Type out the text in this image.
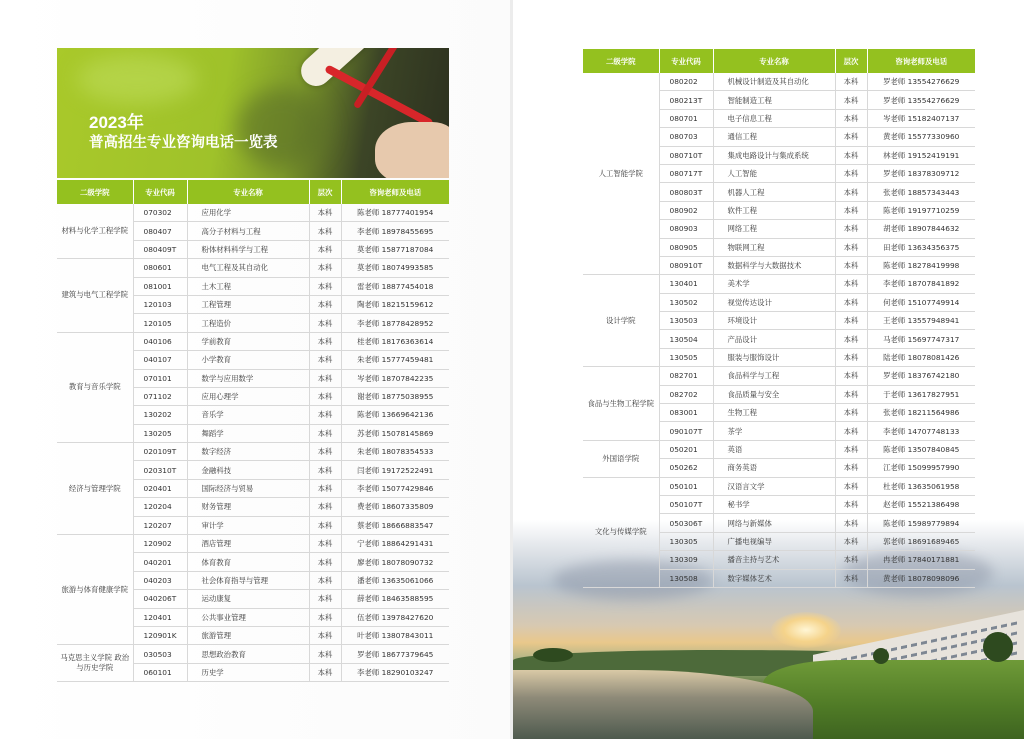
2023年
普高招生专业咨询电话一览表
二级学院	专业代码	专业名称	层次	咨询老师及电话
材料与化学工程学院	070302	应用化学	本科	陈老师 18777401954
	080407	高分子材料与工程	本科	李老师 18978455695
	080409T	粉体材料科学与工程	本科	莫老师 15877187084
建筑与电气工程学院	080601	电气工程及其自动化	本科	莫老师 18074993585
	081001	土木工程	本科	雷老师 18877454018
	120103	工程管理	本科	陶老师 18215159612
	120105	工程造价	本科	李老师 18778428952
教育与音乐学院	040106	学前教育	本科	桂老师 18176363614
	040107	小学教育	本科	朱老师 15777459481
	070101	数学与应用数学	本科	岑老师 18707842235
	071102	应用心理学	本科	谢老师 18775038955
	130202	音乐学	本科	陈老师 13669642136
	130205	舞蹈学	本科	苏老师 15078145869
经济与管理学院	020109T	数字经济	本科	朱老师 18078354533
	020310T	金融科技	本科	闫老师 19172522491
	020401	国际经济与贸易	本科	李老师 15077429846
	120204	财务管理	本科	费老师 18607335809
	120207	审计学	本科	蔡老师 18666883547
旅游与体育健康学院	120902	酒店管理	本科	宁老师 18864291431
	040201	体育教育	本科	廖老师 18078090732
	040203	社会体育指导与管理	本科	潘老师 13635061066
	040206T	运动康复	本科	薛老师 18463588595
	120401	公共事业管理	本科	伍老师 13978427620
	120901K	旅游管理	本科	叶老师 13807843011
马克思主义学院 政治与历史学院	030503	思想政治教育	本科	罗老师 18677379645
	060101	历史学	本科	李老师 18290103247
二级学院	专业代码	专业名称	层次	咨询老师及电话
人工智能学院	080202	机械设计制造及其自动化	本科	罗老师 13554276629
	080213T	智能制造工程	本科	罗老师 13554276629
	080701	电子信息工程	本科	岑老师 15182407137
	080703	通信工程	本科	黄老师 15577330960
	080710T	集成电路设计与集成系统	本科	林老师 19152419191
	080717T	人工智能	本科	罗老师 18378309712
	080803T	机器人工程	本科	张老师 18857343443
	080902	软件工程	本科	陈老师 19197710259
	080903	网络工程	本科	胡老师 18907844632
	080905	物联网工程	本科	田老师 13634356375
	080910T	数据科学与大数据技术	本科	陈老师 18278419998
设计学院	130401	美术学	本科	李老师 18707841892
	130502	视觉传达设计	本科	何老师 15107749914
	130503	环境设计	本科	王老师 13557948941
	130504	产品设计	本科	马老师 15697747317
	130505	服装与服饰设计	本科	陆老师 18078081426
食品与生物工程学院	082701	食品科学与工程	本科	罗老师 18376742180
	082702	食品质量与安全	本科	于老师 13617827951
	083001	生物工程	本科	张老师 18211564986
	090107T	茶学	本科	李老师 14707748133
外国语学院	050201	英语	本科	陈老师 13507840845
	050262	商务英语	本科	江老师 15099957990
文化与传媒学院	050101	汉语言文学	本科	杜老师 13635061958
	050107T	秘书学	本科	赵老师 15521386498
	050306T	网络与新媒体	本科	陈老师 15989779894
	130305	广播电视编导	本科	郭老师 18691689465
	130309	播音主持与艺术	本科	冉老师 17840171881
	130508	数字媒体艺术	本科	黄老师 18078098096
